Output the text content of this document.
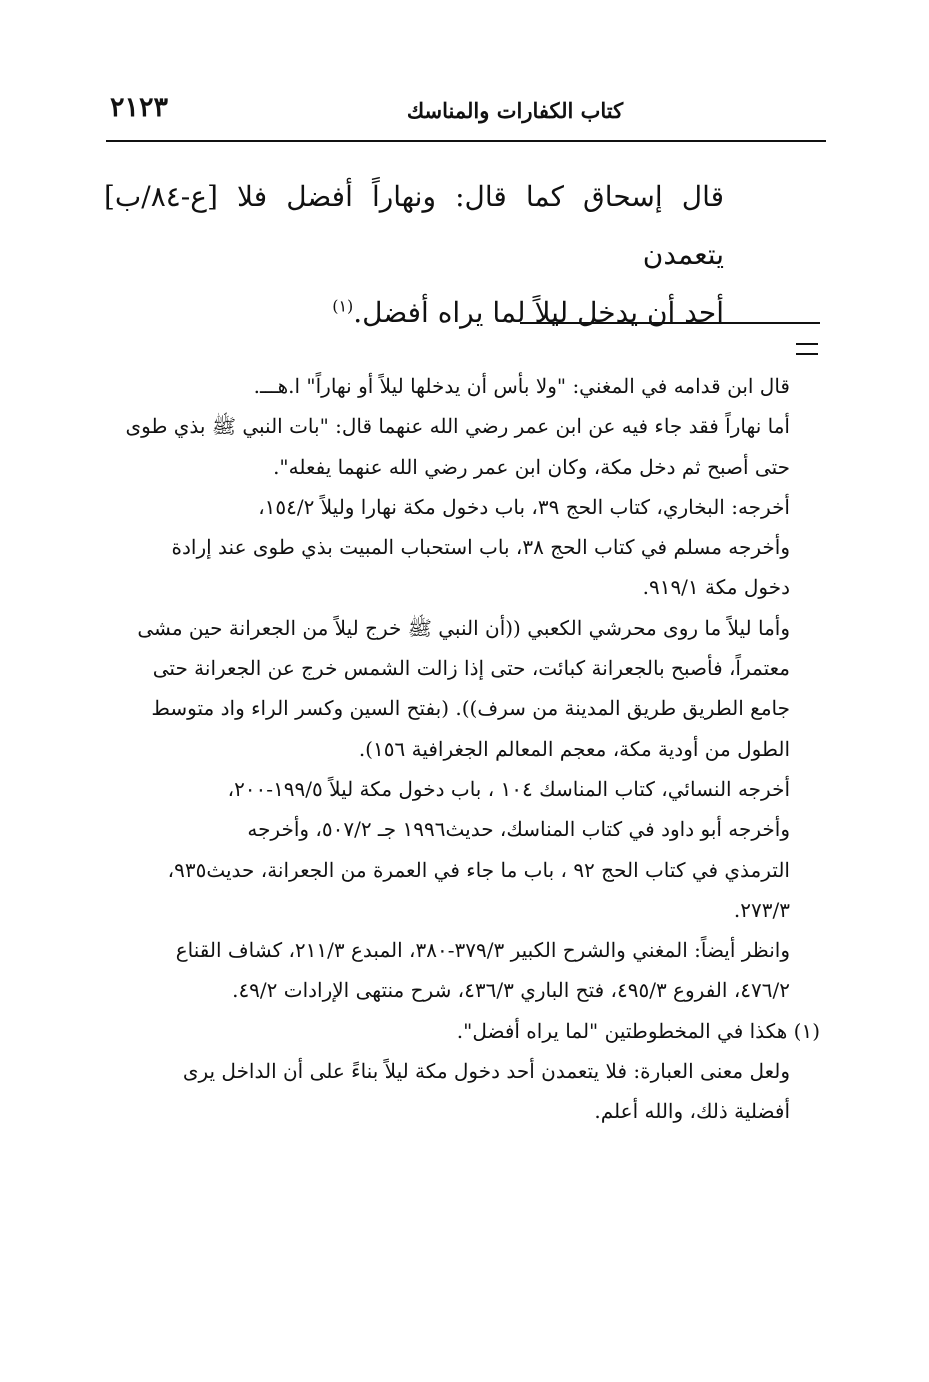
٢١٢٣	كتاب الكفارات والمناسك

قال إسحاق كما قال: ونهاراً أفضل فلا [ع-٨٤/ب] يتعمدن

أحد أن يدخل ليلاً لما يراه أفضل.$^{(١)}$

قال ابن قدامه في المغني: "ولا بأس أن يدخلها ليلاً أو نهاراً" ا.هـــ.

أما نهاراً فقد جاء فيه عن ابن عمر رضي الله عنهما قال: "بات النبي ﷺ بذي طوى

حتى أصبح ثم دخل مكة، وكان ابن عمر رضي الله عنهما يفعله".

أخرجه: البخاري، كتاب الحج ٣٩، باب دخول مكة نهارا وليلاً ١٥٤/٢،

وأخرجه مسلم في كتاب الحج ٣٨، باب استحباب المبيت بذي طوى عند إرادة

دخول مكة ٩١٩/١.

وأما ليلاً ما روى محرشي الكعبي ((أن النبي ﷺ خرج ليلاً من الجعرانة حين مشى

معتمراً، فأصبح بالجعرانة كبائت، حتى إذا زالت الشمس خرج عن الجعرانة حتى

جامع الطريق طريق المدينة من سرف)). (بفتح السين وكسر الراء واد متوسط

الطول من أودية مكة، معجم المعالم الجغرافية ١٥٦).

أخرجه النسائي، كتاب المناسك ١٠٤ ، باب دخول مكة ليلاً ١٩٩/٥-٢٠٠،

وأخرجه أبو داود في كتاب المناسك، حديث١٩٩٦ جـ ٥٠٧/٢، وأخرجه

الترمذي في كتاب الحج ٩٢ ، باب ما جاء في العمرة من الجعرانة، حديث٩٣٥،

٢٧٣/٣.

وانظر أيضاً: المغني والشرح الكبير ٣٧٩/٣-٣٨٠، المبدع ٢١١/٣، كشاف القناع

٤٧٦/٢، الفروع ٤٩٥/٣، فتح الباري ٤٣٦/٣، شرح منتهى الإرادات ٤٩/٢.

(١) هكذا في المخطوطتين "لما يراه أفضل".

ولعل معنى العبارة: فلا يتعمدن أحد دخول مكة ليلاً بناءً على أن الداخل يرى

أفضلية ذلك، والله أعلم.
